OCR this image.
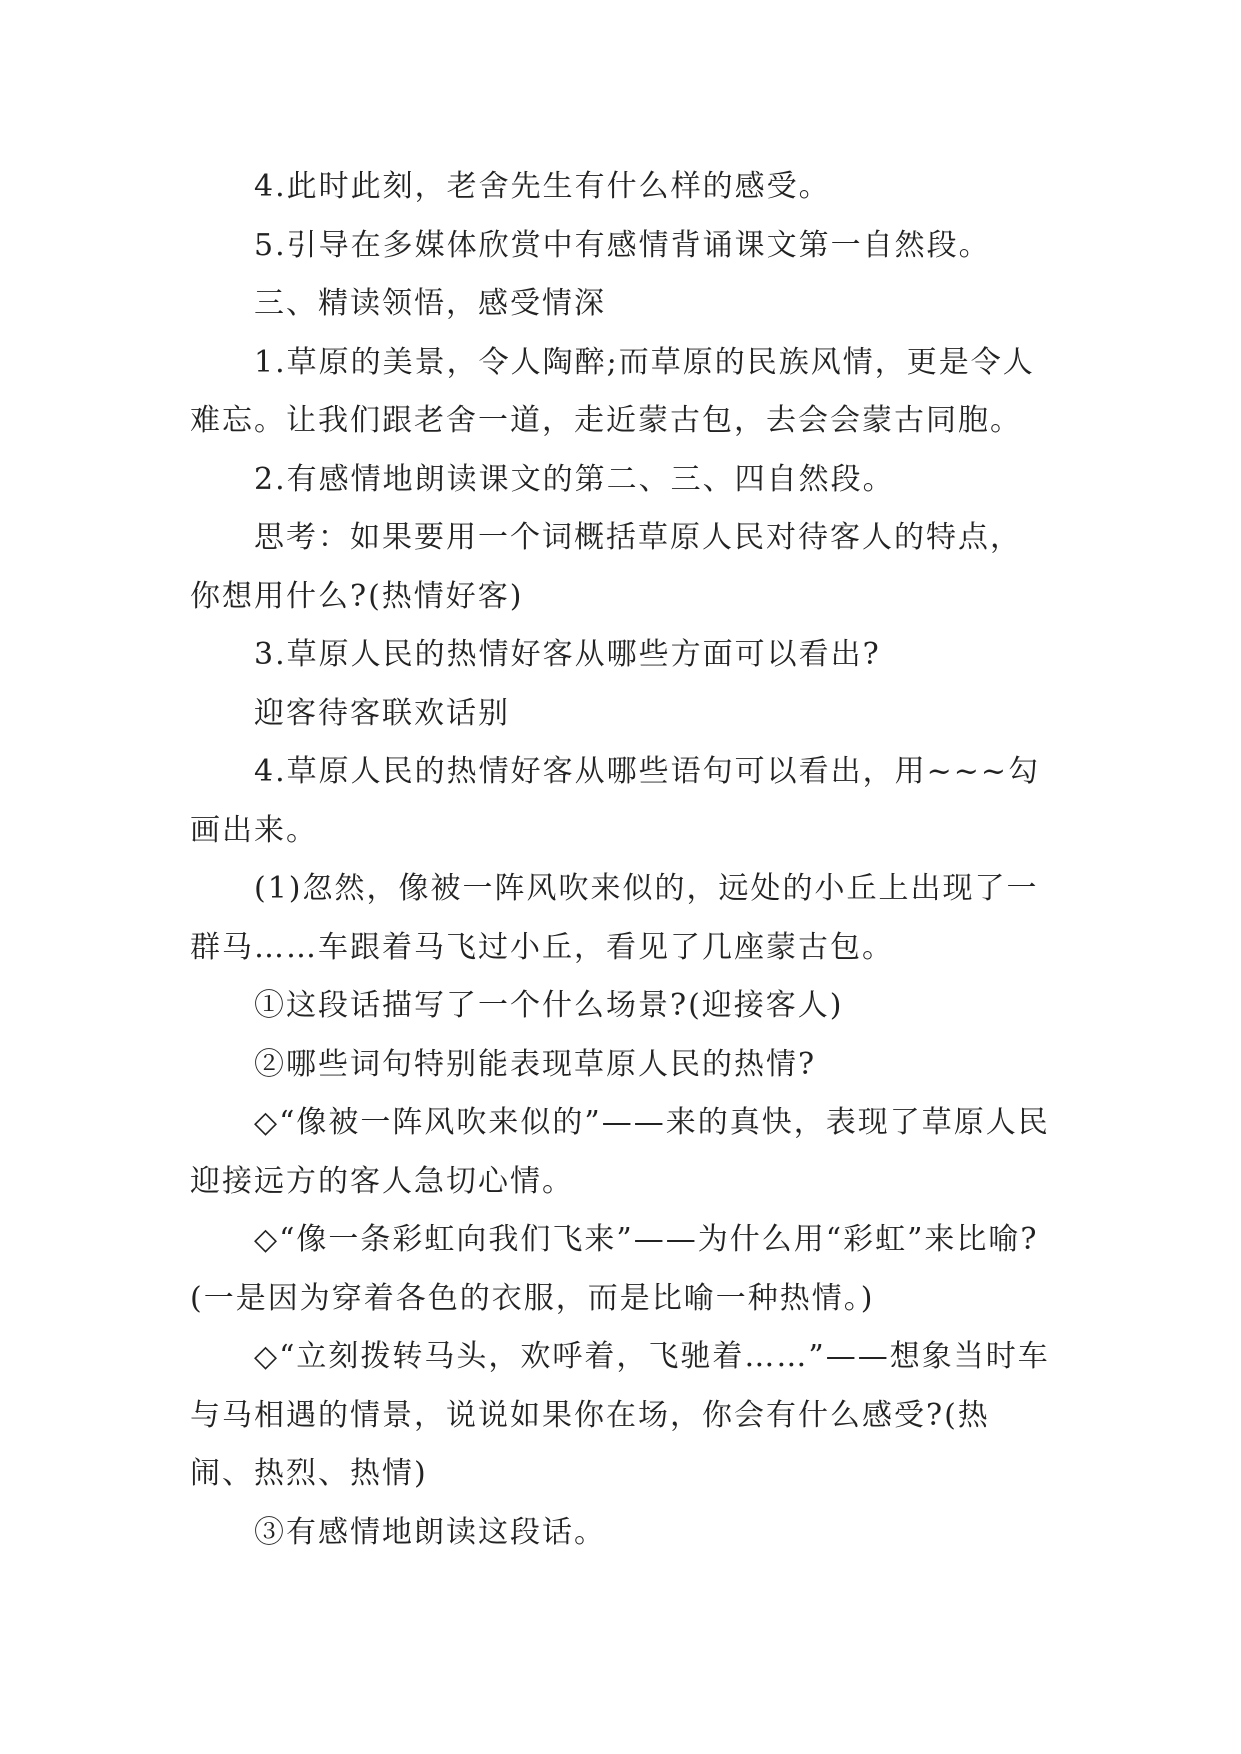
4.此时此刻，老舍先生有什么样的感受。

5.引导在多媒体欣赏中有感情背诵课文第一自然段。

三、精读领悟，感受情深

1.草原的美景，令人陶醉;而草原的民族风情，更是令人难忘。让我们跟老舍一道，走近蒙古包，去会会蒙古同胞。

2.有感情地朗读课文的第二、三、四自然段。

思考：如果要用一个词概括草原人民对待客人的特点，你想用什么?(热情好客)

3.草原人民的热情好客从哪些方面可以看出?

迎客待客联欢话别

4.草原人民的热情好客从哪些语句可以看出，用~~~勾画出来。

(1)忽然，像被一阵风吹来似的，远处的小丘上出现了一群马……车跟着马飞过小丘，看见了几座蒙古包。

①这段话描写了一个什么场景?(迎接客人)

②哪些词句特别能表现草原人民的热情?

◇“像被一阵风吹来似的”——来的真快，表现了草原人民迎接远方的客人急切心情。

◇“像一条彩虹向我们飞来”——为什么用“彩虹”来比喻?(一是因为穿着各色的衣服，而是比喻一种热情。)

◇“立刻拨转马头，欢呼着，飞驰着……”——想象当时车与马相遇的情景，说说如果你在场，你会有什么感受?(热闹、热烈、热情)

③有感情地朗读这段话。
